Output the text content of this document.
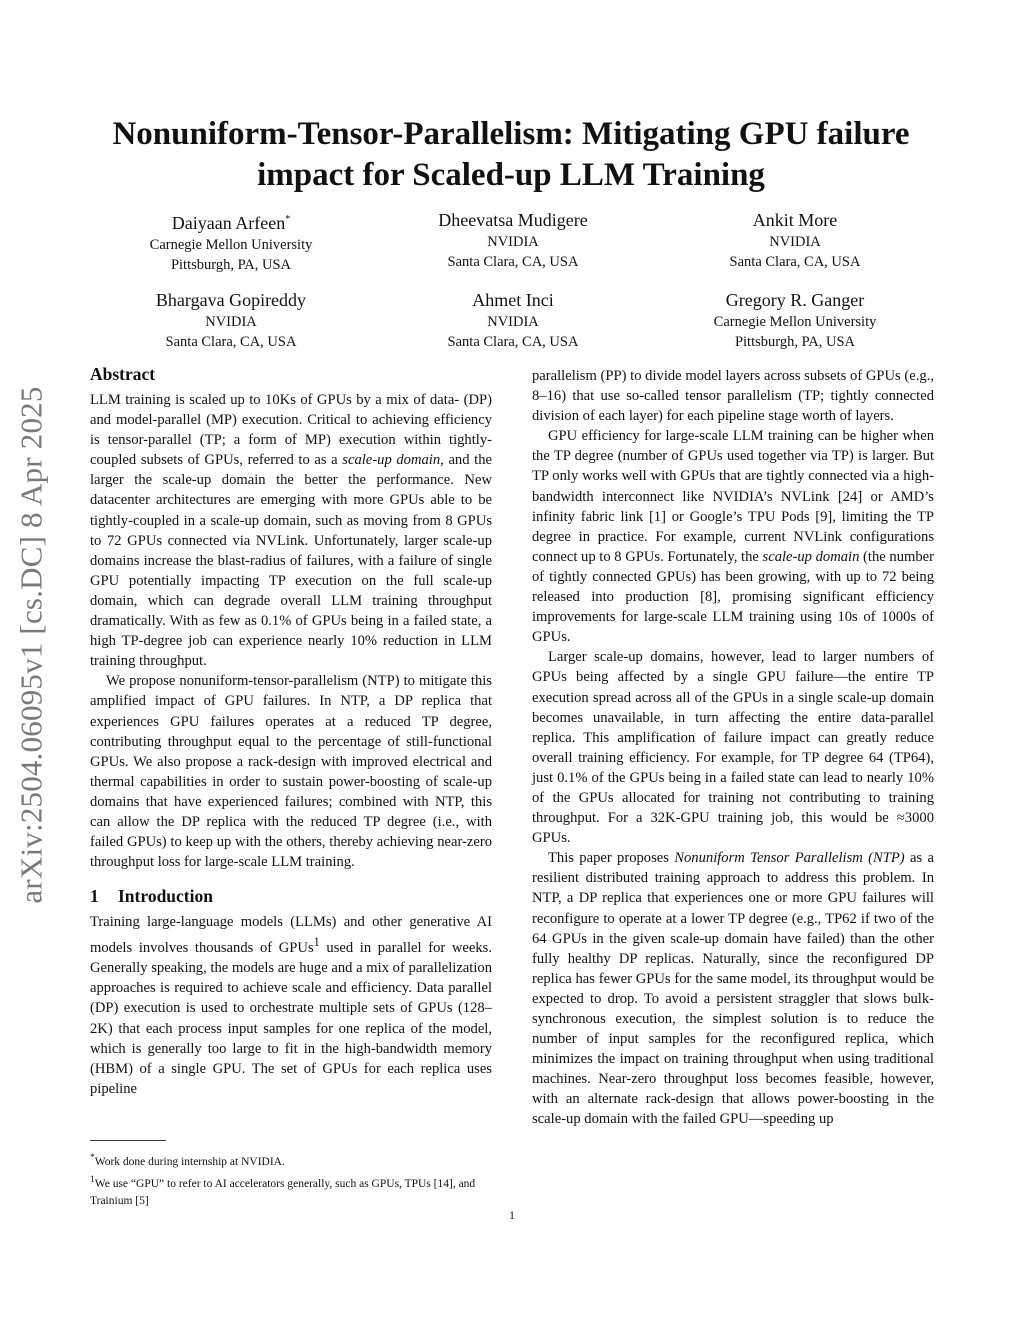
arXiv:2504.06095v1 [cs.DC] 8 Apr 2025
Nonuniform-Tensor-Parallelism: Mitigating GPU failure impact for Scaled-up LLM Training
Daiyaan Arfeen*
Carnegie Mellon University
Pittsburgh, PA, USA
Dheevatsa Mudigere
NVIDIA
Santa Clara, CA, USA
Ankit More
NVIDIA
Santa Clara, CA, USA
Bhargava Gopireddy
NVIDIA
Santa Clara, CA, USA
Ahmet Inci
NVIDIA
Santa Clara, CA, USA
Gregory R. Ganger
Carnegie Mellon University
Pittsburgh, PA, USA
Abstract

LLM training is scaled up to 10Ks of GPUs by a mix of data- (DP) and model-parallel (MP) execution. Critical to achieving efficiency is tensor-parallel (TP; a form of MP) execution within tightly-coupled subsets of GPUs, referred to as a scale-up domain, and the larger the scale-up domain the better the performance. New datacenter architectures are emerging with more GPUs able to be tightly-coupled in a scale-up domain, such as moving from 8 GPUs to 72 GPUs connected via NVLink. Unfortunately, larger scale-up domains increase the blast-radius of failures, with a failure of single GPU potentially impacting TP execution on the full scale-up domain, which can degrade overall LLM training throughput dramatically. With as few as 0.1% of GPUs being in a failed state, a high TP-degree job can experience nearly 10% reduction in LLM training throughput.

We propose nonuniform-tensor-parallelism (NTP) to mitigate this amplified impact of GPU failures. In NTP, a DP replica that experiences GPU failures operates at a reduced TP degree, contributing throughput equal to the percentage of still-functional GPUs. We also propose a rack-design with improved electrical and thermal capabilities in order to sustain power-boosting of scale-up domains that have experienced failures; combined with NTP, this can allow the DP replica with the reduced TP degree (i.e., with failed GPUs) to keep up with the others, thereby achieving near-zero throughput loss for large-scale LLM training.

1 Introduction

Training large-language models (LLMs) and other generative AI models involves thousands of GPUs$^1$ used in parallel for weeks. Generally speaking, the models are huge and a mix of parallelization approaches is required to achieve scale and efficiency. Data parallel (DP) execution is used to orchestrate multiple sets of GPUs (128–2K) that each process input samples for one replica of the model, which is generally too large to fit in the high-bandwidth memory (HBM) of a single GPU. The set of GPUs for each replica uses pipeline

parallelism (PP) to divide model layers across subsets of GPUs (e.g., 8–16) that use so-called tensor parallelism (TP; tightly connected division of each layer) for each pipeline stage worth of layers.

GPU efficiency for large-scale LLM training can be higher when the TP degree (number of GPUs used together via TP) is larger. But TP only works well with GPUs that are tightly connected via a high-bandwidth interconnect like NVIDIA’s NVLink [24] or AMD’s infinity fabric link [1] or Google’s TPU Pods [9], limiting the TP degree in practice. For example, current NVLink configurations connect up to 8 GPUs. Fortunately, the scale-up domain (the number of tightly connected GPUs) has been growing, with up to 72 being released into production [8], promising significant efficiency improvements for large-scale LLM training using 10s of 1000s of GPUs.

Larger scale-up domains, however, lead to larger numbers of GPUs being affected by a single GPU failure—the entire TP execution spread across all of the GPUs in a single scale-up domain becomes unavailable, in turn affecting the entire data-parallel replica. This amplification of failure impact can greatly reduce overall training efficiency. For example, for TP degree 64 (TP64), just 0.1% of the GPUs being in a failed state can lead to nearly 10% of the GPUs allocated for training not contributing to training throughput. For a 32K-GPU training job, this would be ≈3000 GPUs.

This paper proposes Nonuniform Tensor Parallelism (NTP) as a resilient distributed training approach to address this problem. In NTP, a DP replica that experiences one or more GPU failures will reconfigure to operate at a lower TP degree (e.g., TP62 if two of the 64 GPUs in the given scale-up domain have failed) than the other fully healthy DP replicas. Naturally, since the reconfigured DP replica has fewer GPUs for the same model, its throughput would be expected to drop. To avoid a persistent straggler that slows bulk-synchronous execution, the simplest solution is to reduce the number of input samples for the reconfigured replica, which minimizes the impact on training throughput when using traditional machines. Near-zero throughput loss becomes feasible, however, with an alternate rack-design that allows power-boosting in the scale-up domain with the failed GPU—speeding up

*Work done during internship at NVIDIA.

$^1$We use “GPU” to refer to AI accelerators generally, such as GPUs, TPUs [14], and Trainium [5]

1
